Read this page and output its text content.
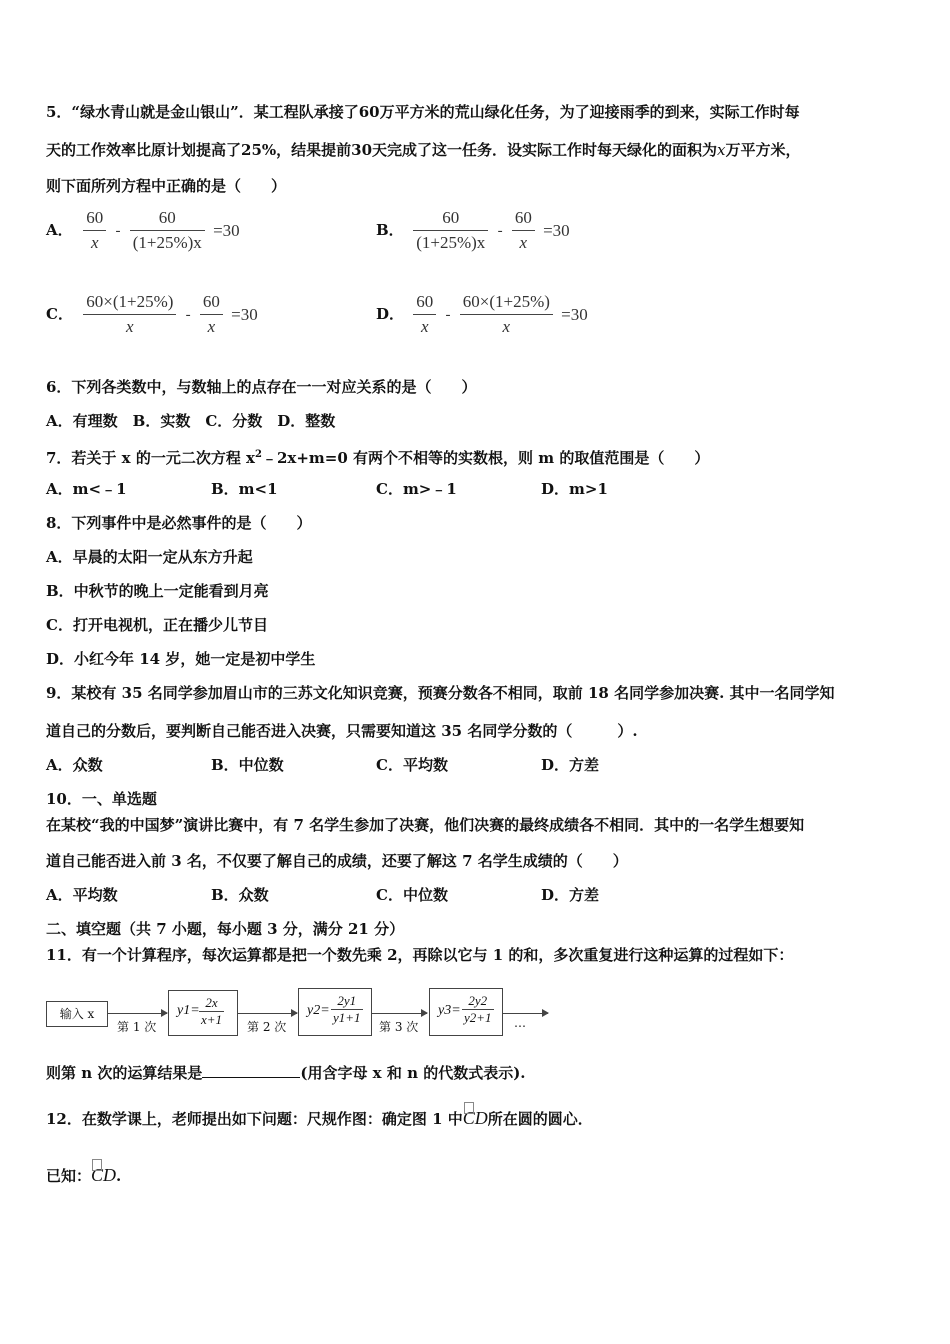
5．“绿水青山就是金山银山”．某工程队承接了60万平方米的荒山绿化任务，为了迎接雨季的到来，实际工作时每
天的工作效率比原计划提高了25%，结果提前30天完成了这一任务．设实际工作时每天绿化的面积为x万平方米，
则下面所列方程中正确的是（　　）
A． $\frac{60}{x} - \frac{60}{(1+25\%)x} =30$	B． $\frac{60}{(1+25\%)x} - \frac{60}{x} =30$
C． $\frac{60\times(1+25\%)}{x} - \frac{60}{x} =30$	D． $\frac{60}{x} - \frac{60\times(1+25\%)}{x} =30$
6．下列各类数中，与数轴上的点存在一一对应关系的是（　　）
A．有理数　B．实数　C．分数　D．整数
7．若关于 x 的一元二次方程 $x^2﹣2x+m=0$ 有两个不相等的实数根，则 m 的取值范围是（　　）
A．m<﹣1	B．m<1	C．m>﹣1	D．m>1
8．下列事件中是必然事件的是（　　）
A．早晨的太阳一定从东方升起
B．中秋节的晚上一定能看到月亮
C．打开电视机，正在播少儿节目
D．小红今年 14 岁，她一定是初中学生
9．某校有 35 名同学参加眉山市的三苏文化知识竞赛，预赛分数各不相同，取前 18 名同学参加决赛. 其中一名同学知
道自己的分数后，要判断自己能否进入决赛，只需要知道这 35 名同学分数的（　　　）.
A．众数	B．中位数	C．平均数	D．方差
10．一、单选题
在某校“我的中国梦”演讲比赛中，有 7 名学生参加了决赛，他们决赛的最终成绩各不相同．其中的一名学生想要知
道自己能否进入前 3 名，不仅要了解自己的成绩，还要了解这 7 名学生成绩的（　　）
A．平均数	B．众数	C．中位数	D．方差
二、填空题（共 7 小题，每小题 3 分，满分 21 分）
11．有一个计算程序，每次运算都是把一个数先乘 2，再除以它与 1 的和，多次重复进行这种运算的过程如下：
输入 x
第 1 次
$y1= \frac{2x}{x+1}$ 第 2 次
$y2= \frac{2y1}{y1+1}$
第 3 次
$y3= \frac{2y2}{y2+1}$ …
则第 n 次的运算结果是	(用含字母 x 和 n 的代数式表示).
12．在数学课上，老师提出如下问题：尺规作图：确定图 1 中CD所在圆的圆心．
已知：CD.
